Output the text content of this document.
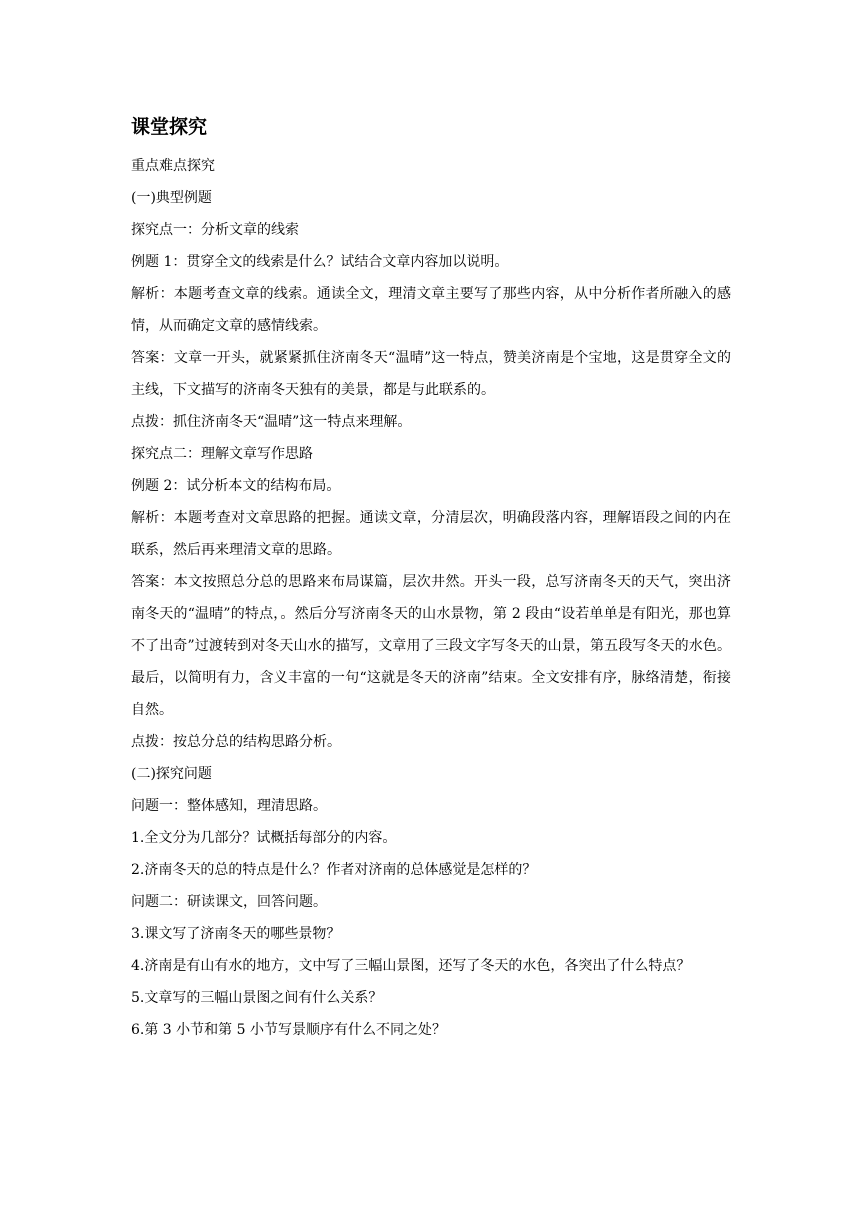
课堂探究

重点难点探究

(一)典型例题

探究点一：分析文章的线索

例题 1：贯穿全文的线索是什么？试结合文章内容加以说明。

解析：本题考查文章的线索。通读全文，理清文章主要写了那些内容，从中分析作者所融入的感情，从而确定文章的感情线索。

答案：文章一开头，就紧紧抓住济南冬天“温晴”这一特点，赞美济南是个宝地，这是贯穿全文的主线，下文描写的济南冬天独有的美景，都是与此联系的。

点拨：抓住济南冬天“温晴”这一特点来理解。

探究点二：理解文章写作思路

例题 2：试分析本文的结构布局。

解析：本题考查对文章思路的把握。通读文章，分清层次，明确段落内容，理解语段之间的内在联系，然后再来理清文章的思路。

答案：本文按照总分总的思路来布局谋篇，层次井然。开头一段，总写济南冬天的天气，突出济南冬天的“温晴”的特点，。然后分写济南冬天的山水景物，第 2 段由“设若单单是有阳光，那也算不了出奇”过渡转到对冬天山水的描写，文章用了三段文字写冬天的山景，第五段写冬天的水色。最后，以简明有力，含义丰富的一句“这就是冬天的济南”结束。全文安排有序，脉络清楚，衔接自然。

点拨：按总分总的结构思路分析。

(二)探究问题

问题一：整体感知，理清思路。

1.全文分为几部分？试概括每部分的内容。

2.济南冬天的总的特点是什么？作者对济南的总体感觉是怎样的？

问题二：研读课文，回答问题。

3.课文写了济南冬天的哪些景物？

4.济南是有山有水的地方，文中写了三幅山景图，还写了冬天的水色，各突出了什么特点？

5.文章写的三幅山景图之间有什么关系？

6.第 3 小节和第 5 小节写景顺序有什么不同之处？
